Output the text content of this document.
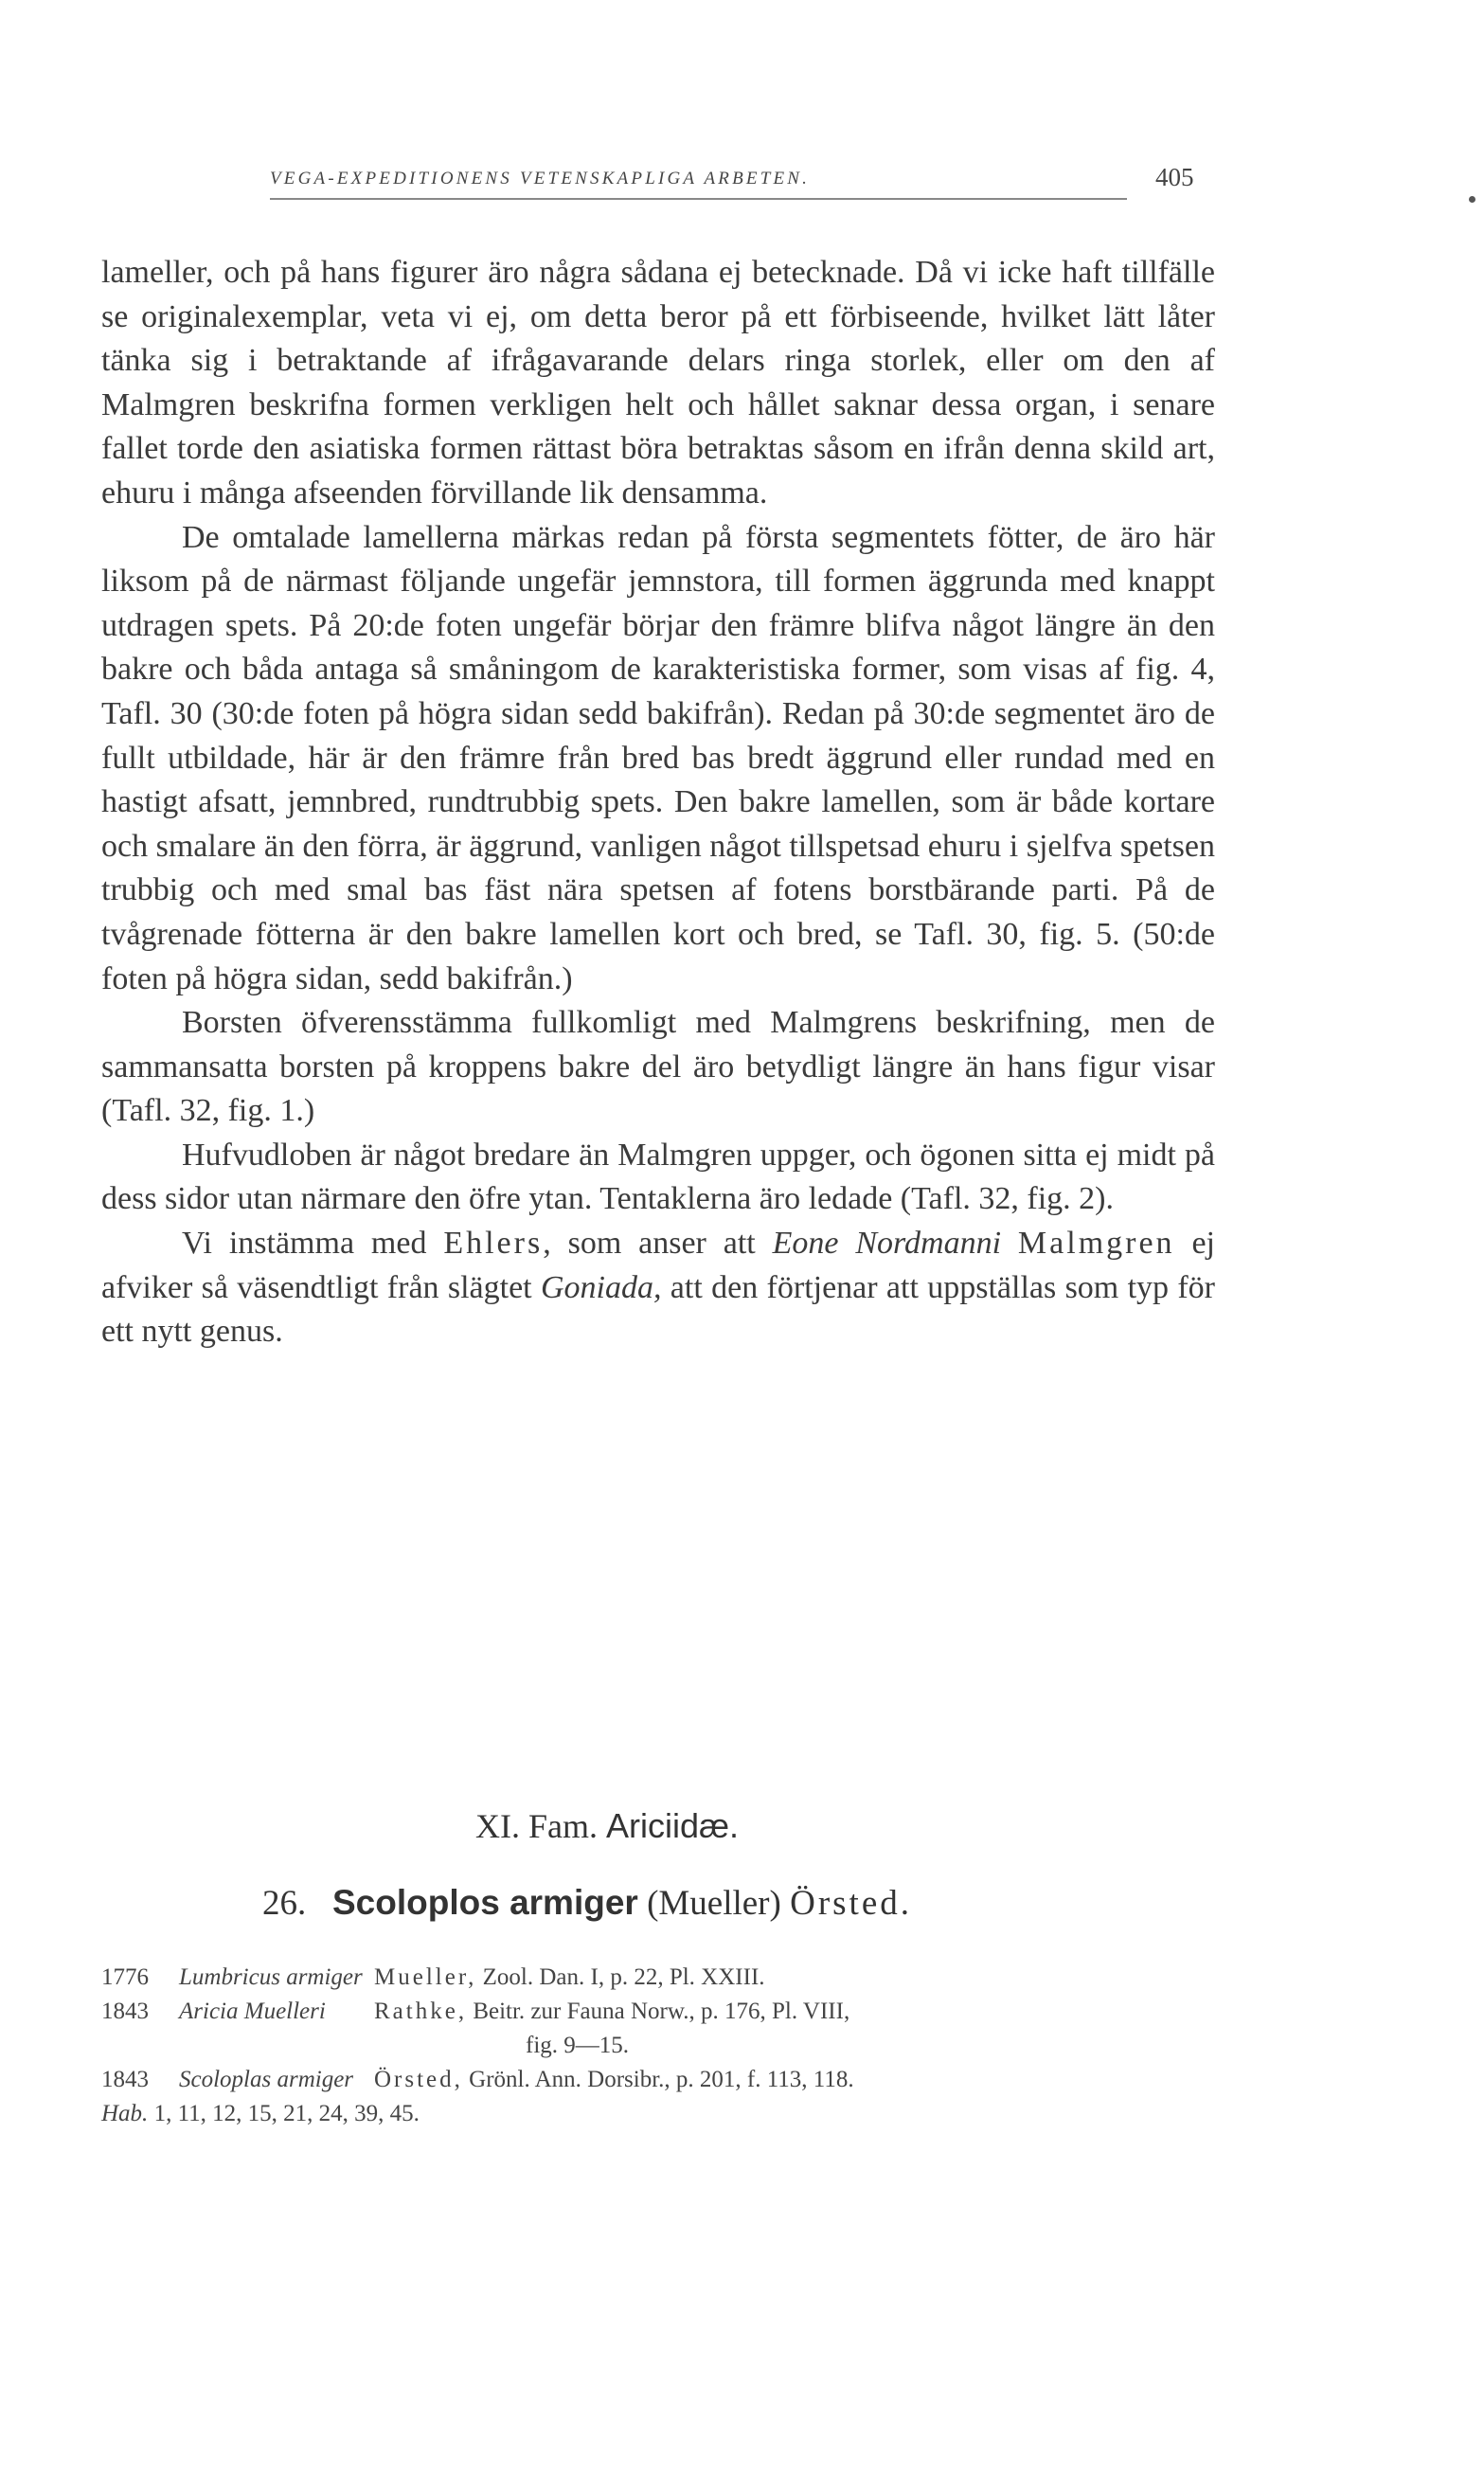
VEGA-EXPEDITIONENS VETENSKAPLIGA ARBETEN.	405

lameller, och på hans figurer äro några sådana ej betecknade. Då vi icke haft tillfälle se originalexemplar, veta vi ej, om detta beror på ett förbiseende, hvilket lätt låter tänka sig i betraktande af ifrågavarande delars ringa storlek, eller om den af Malmgren beskrifna formen verkligen helt och hållet saknar dessa organ, i senare fallet torde den asiatiska formen rättast böra betraktas såsom en ifrån denna skild art, ehuru i många afseenden förvillande lik densamma.

De omtalade lamellerna märkas redan på första segmentets fötter, de äro här liksom på de närmast följande ungefär jemnstora, till formen äggrunda med knappt utdragen spets. På 20:de foten ungefär börjar den främre blifva något längre än den bakre och båda antaga så småningom de karakteristiska former, som visas af fig. 4, Tafl. 30 (30:de foten på högra sidan sedd bakifrån). Redan på 30:de segmentet äro de fullt utbildade, här är den främre från bred bas bredt äggrund eller rundad med en hastigt afsatt, jemnbred, rundtrubbig spets. Den bakre lamellen, som är både kortare och smalare än den förra, är äggrund, vanligen något tillspetsad ehuru i sjelfva spetsen trubbig och med smal bas fäst nära spetsen af fotens borstbärande parti. På de tvågrenade fötterna är den bakre lamellen kort och bred, se Tafl. 30, fig. 5. (50:de foten på högra sidan, sedd bakifrån.)

Borsten öfverensstämma fullkomligt med Malmgrens beskrifning, men de sammansatta borsten på kroppens bakre del äro betydligt längre än hans figur visar (Tafl. 32, fig. 1.)

Hufvudloben är något bredare än Malmgren uppger, och ögonen sitta ej midt på dess sidor utan närmare den öfre ytan. Tentaklerna äro ledade (Tafl. 32, fig. 2).

Vi instämma med Ehlers, som anser att Eone Nordmanni Malmgren ej afviker så väsendtligt från slägtet Goniada, att den förtjenar att uppställas som typ för ett nytt genus.

XI. Fam. Ariciidæ.
26. Scoloplos armiger (Mueller) Örsted.
1776	Lumbricus armiger Mueller, Zool. Dan. I, p. 22, Pl. XXIII.
1843	Aricia Muelleri	Rathke, Beitr. zur Fauna Norw., p. 176, Pl. VIII,
fig. 9—15.
1843	Scoloplas armiger Örsted, Grönl. Ann. Dorsibr., p. 201, f. 113, 118.
Hab.
1, 11, 12, 15, 21, 24, 39, 45.
